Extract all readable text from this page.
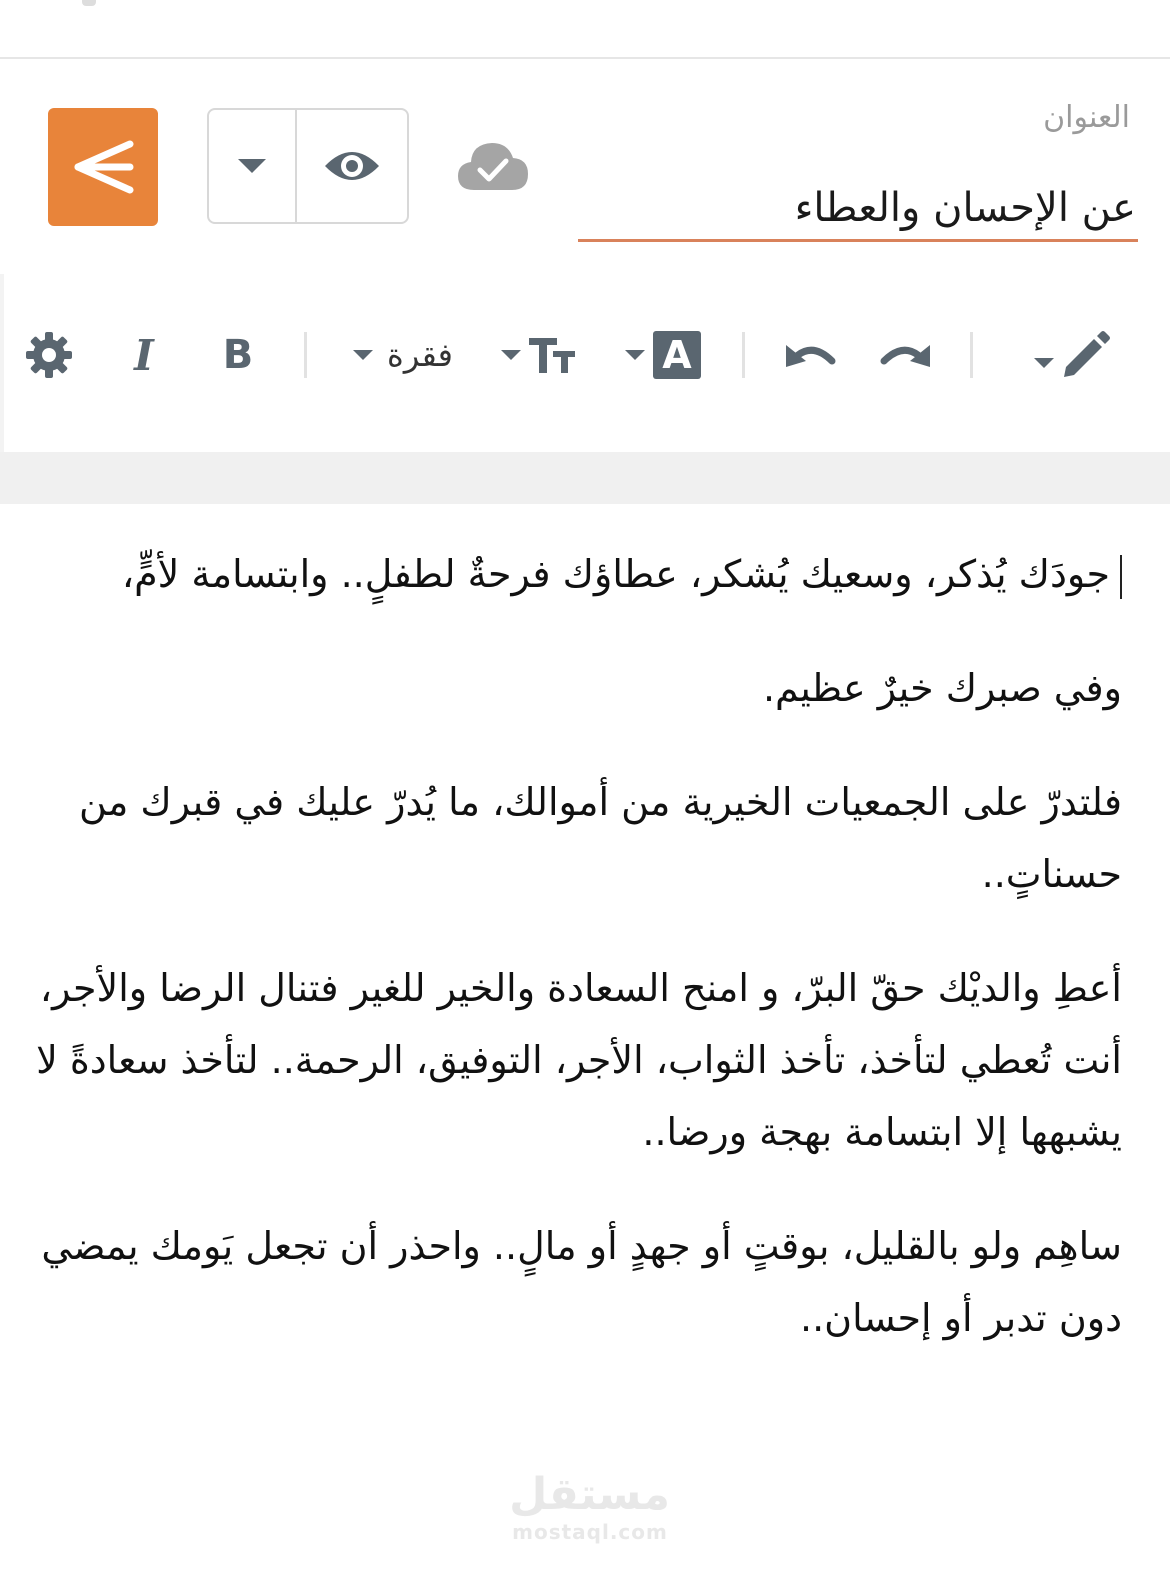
العنوان
عن الإحسان والعطاء
I B	فقرة	A

جودَك يُذكر، وسعيك يُشكر، عطاؤك فرحةٌ لطفلٍ.. وابتسامة لأمٍّ،

وفي صبرك خيرٌ عظيم.

فلتدرّ على الجمعيات الخيرية من أموالك، ما يُدرّ عليك في قبرك من حسناتٍ..

أعطِ والديْك حقّ البرّ، و امنح السعادة والخير للغير فتنال الرضا والأجر، أنت تُعطي لتأخذ، تأخذ الثواب، الأجر، التوفيق، الرحمة.. لتأخذ سعادةً لا يشبهها إلا ابتسامة بهجة ورضا..

ساهِم ولو بالقليل، بوقتٍ أو جهدٍ أو مالٍ.. واحذر أن تجعل يَومك يمضي دون تدبر أو إحسان..

مستقل
mostaql.com
